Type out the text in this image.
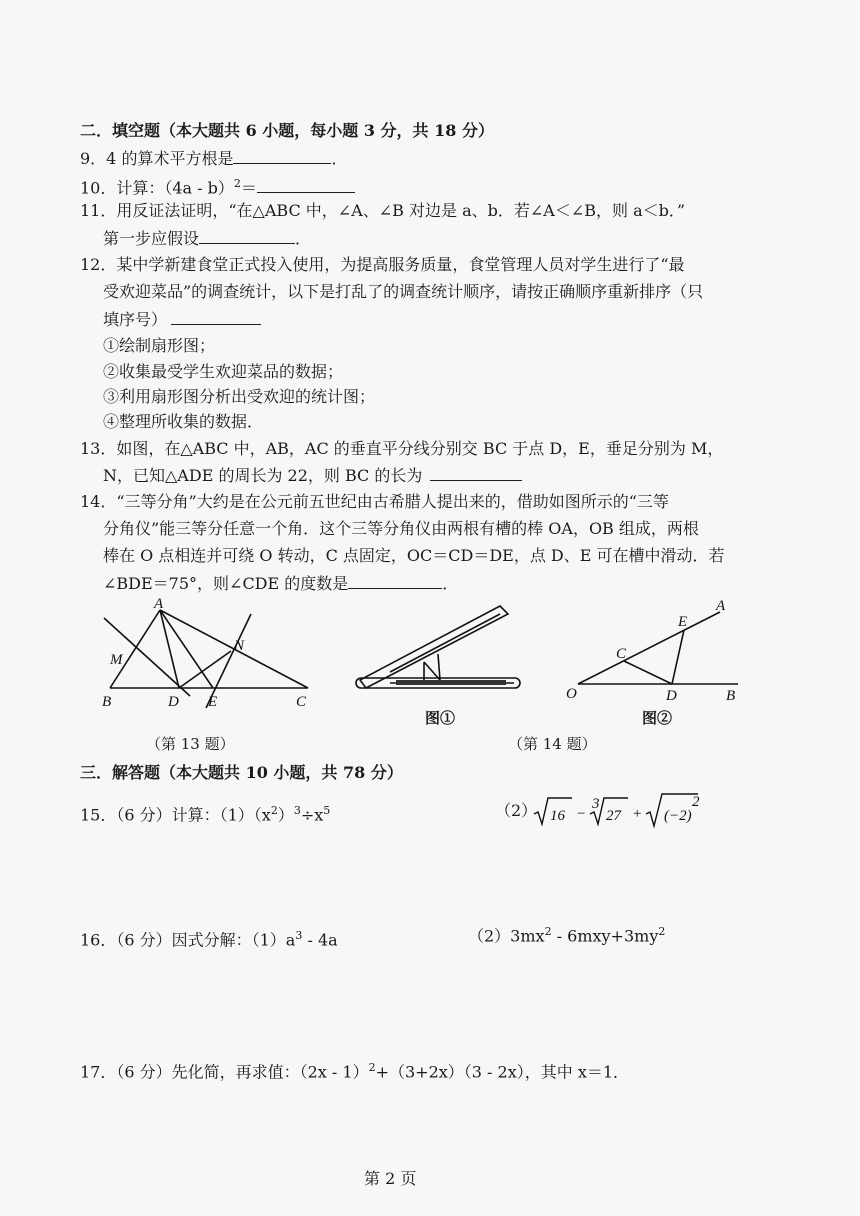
二．填空题（本大题共 6 小题，每小题 3 分，共 18 分）
9．4 的算术平方根是	．
10．计算：（4a - b）$^2$＝
11．用反证法证明，“在△ABC 中，∠A、∠B 对边是 a、b．若∠A＜∠B，则 a＜b．”
第一步应假设	．
12．某中学新建食堂正式投入使用，为提高服务质量，食堂管理人员对学生进行了“最
受欢迎菜品”的调查统计，以下是打乱了的调查统计顺序，请按正确顺序重新排序（只
填序号）
①绘制扇形图；
②收集最受学生欢迎菜品的数据；
③利用扇形图分析出受欢迎的统计图；
④整理所收集的数据．
13．如图，在△ABC 中，AB，AC 的垂直平分线分别交 BC 于点 D，E，垂足分别为 M，
N，已知△ADE 的周长为 22，则 BC 的长为
14．“三等分角”大约是在公元前五世纪由古希腊人提出来的，借助如图所示的“三等
分角仪”能三等分任意一个角．这个三等分角仪由两根有槽的棒 OA，OB 组成，两根
棒在 O 点相连并可绕 O 转动，C 点固定，OC＝CD＝DE，点 D、E 可在槽中滑动．若
∠BDE＝75°，则∠CDE 的度数是	．
A
M
N
B	D E	C
（第 13 题）
图①
A
E
C
O	D	B
图②
（第 14 题）
三．解答题（本大题共 10 小题，共 78 分）
15．（6 分）计算：$(1)(x^2)^3\div x^5$	（2） 16 −
3
27 + (−2)
2
16．（6 分）因式分解：$(1)a^3 - 4a$	$(2)3mx^2 - 6mxy+3my^2$
17．（6 分）先化简，再求值：（2x - 1）$^2$+（3+2x）（3 - 2x），其中 x＝1．
第 2 页
